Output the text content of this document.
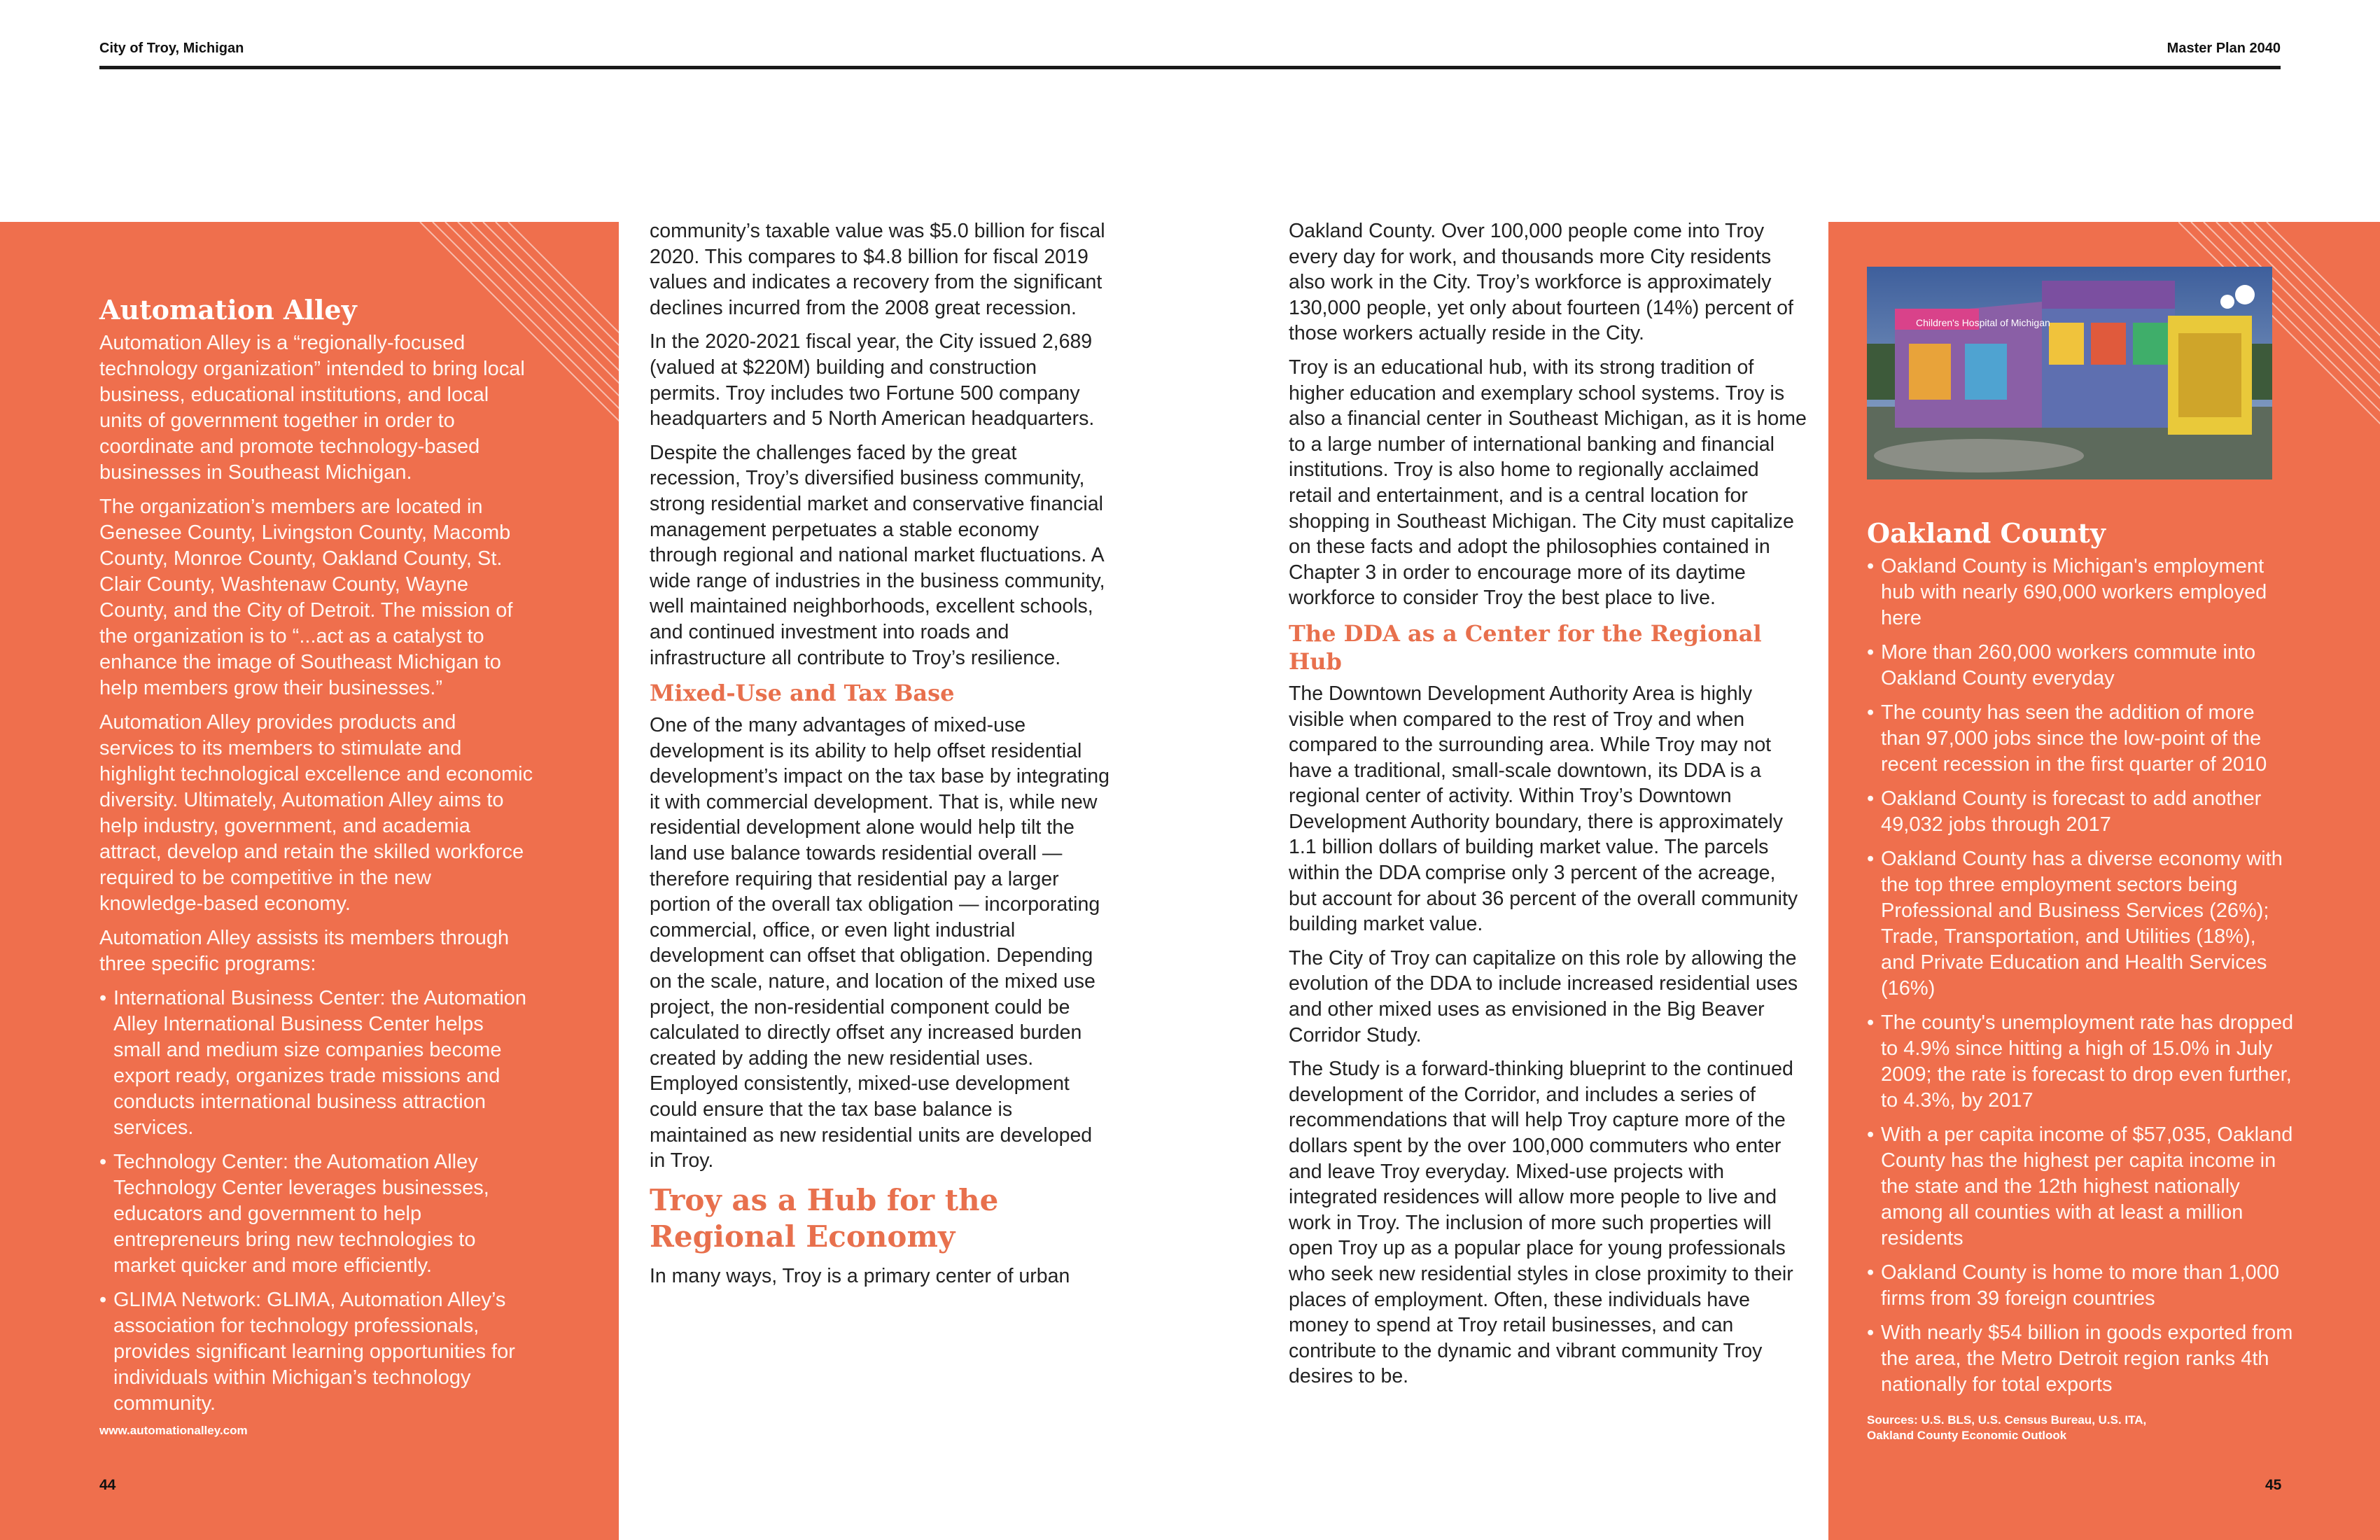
City of Troy, Michigan	Master Plan 2040
Automation Alley

Automation Alley is a “regionally-focused technology organization” intended to bring local business, educational institutions, and local units of government together in order to coordinate and promote technology-based businesses in Southeast Michigan.

The organization’s members are located in Genesee County, Livingston County, Macomb County, Monroe County, Oakland County, St. Clair County, Washtenaw County, Wayne County, and the City of Detroit. The mission of the organization is to “...act as a catalyst to enhance the image of Southeast Michigan to help members grow their businesses.”

Automation Alley provides products and services to its members to stimulate and highlight technological excellence and economic diversity. Ultimately, Automation Alley aims to help industry, government, and academia attract, develop and retain the skilled workforce required to be competitive in the new knowledge-based economy.

Automation Alley assists its members through three specific programs:

• International Business Center: the Automation Alley International Business Center helps small and medium size companies become export ready, organizes trade missions and conducts international business attraction services.
• Technology Center: the Automation Alley Technology Center leverages businesses, educators and government to help entrepreneurs bring new technologies to market quicker and more efficiently.
• GLIMA Network: GLIMA, Automation Alley’s association for technology professionals, provides significant learning opportunities for individuals within Michigan’s technology community.
www.automationalley.com
44

community’s taxable value was $5.0 billion for fiscal 2020. This compares to $4.8 billion for fiscal 2019 values and indicates a recovery from the significant declines incurred from the 2008 great recession.

In the 2020-2021 fiscal year, the City issued 2,689 (valued at $220M) building and construction permits. Troy includes two Fortune 500 company headquarters and 5 North American headquarters.

Despite the challenges faced by the great recession, Troy’s diversified business community, strong residential market and conservative financial management perpetuates a stable economy through regional and national market fluctuations. A wide range of industries in the business community, well maintained neighborhoods, excellent schools, and continued investment into roads and infrastructure all contribute to Troy’s resilience.

Mixed-Use and Tax Base

One of the many advantages of mixed-use development is its ability to help offset residential development’s impact on the tax base by integrating it with commercial development. That is, while new residential development alone would help tilt the land use balance towards residential overall — therefore requiring that residential pay a larger portion of the overall tax obligation — incorporating commercial, office, or even light industrial development can offset that obligation. Depending on the scale, nature, and location of the mixed use project, the non-residential component could be calculated to directly offset any increased burden created by adding the new residential uses. Employed consistently, mixed-use development could ensure that the tax base balance is maintained as new residential units are developed in Troy.

Troy as a Hub for the Regional Economy

In many ways, Troy is a primary center of urban

Oakland County. Over 100,000 people come into Troy every day for work, and thousands more City residents also work in the City. Troy’s workforce is approximately 130,000 people, yet only about fourteen (14%) percent of those workers actually reside in the City.

Troy is an educational hub, with its strong tradition of higher education and exemplary school systems. Troy is also a financial center in Southeast Michigan, as it is home to a large number of international banking and financial institutions. Troy is also home to regionally acclaimed retail and entertainment, and is a central location for shopping in Southeast Michigan. The City must capitalize on these facts and adopt the philosophies contained in Chapter 3 in order to encourage more of its daytime workforce to consider Troy the best place to live.

The DDA as a Center for the Regional Hub

The Downtown Development Authority Area is highly visible when compared to the rest of Troy and when compared to the surrounding area. While Troy may not have a traditional, small-scale downtown, its DDA is a regional center of activity. Within Troy’s Downtown Development Authority boundary, there is approximately 1.1 billion dollars of building market value. The parcels within the DDA comprise only 3 percent of the acreage, but account for about 36 percent of the overall community building market value.

The City of Troy can capitalize on this role by allowing the evolution of the DDA to include increased residential uses and other mixed uses as envisioned in the Big Beaver Corridor Study.

The Study is a forward-thinking blueprint to the continued development of the Corridor, and includes a series of recommendations that will help Troy capture more of the dollars spent by the over 100,000 commuters who enter and leave Troy everyday. Mixed-use projects with integrated residences will allow more people to live and work in Troy. The inclusion of more such properties will open Troy up as a popular place for young professionals who seek new residential styles in close proximity to their places of employment. Often, these individuals have money to spend at Troy retail businesses, and can contribute to the dynamic and vibrant community Troy desires to be.

Oakland County
• Oakland County is Michigan's employment hub with nearly 690,000 workers employed here
• More than 260,000 workers commute into Oakland County everyday
• The county has seen the addition of more than 97,000 jobs since the low-point of the recent recession in the first quarter of 2010
• Oakland County is forecast to add another 49,032 jobs through 2017
• Oakland County has a diverse economy with the top three employment sectors being Professional and Business Services (26%); Trade, Transportation, and Utilities (18%), and Private Education and Health Services (16%)
• The county's unemployment rate has dropped to 4.9% since hitting a high of 15.0% in July 2009; the rate is forecast to drop even further, to 4.3%, by 2017
• With a per capita income of $57,035, Oakland County has the highest per capita income in the state and the 12th highest nationally among all counties with at least a million residents
• Oakland County is home to more than 1,000 firms from 39 foreign countries
• With nearly $54 billion in goods exported from the area, the Metro Detroit region ranks 4th nationally for total exports
Sources: U.S. BLS, U.S. Census Bureau, U.S. ITA,
Oakland County Economic Outlook
45
Children's Hospital of Michigan
